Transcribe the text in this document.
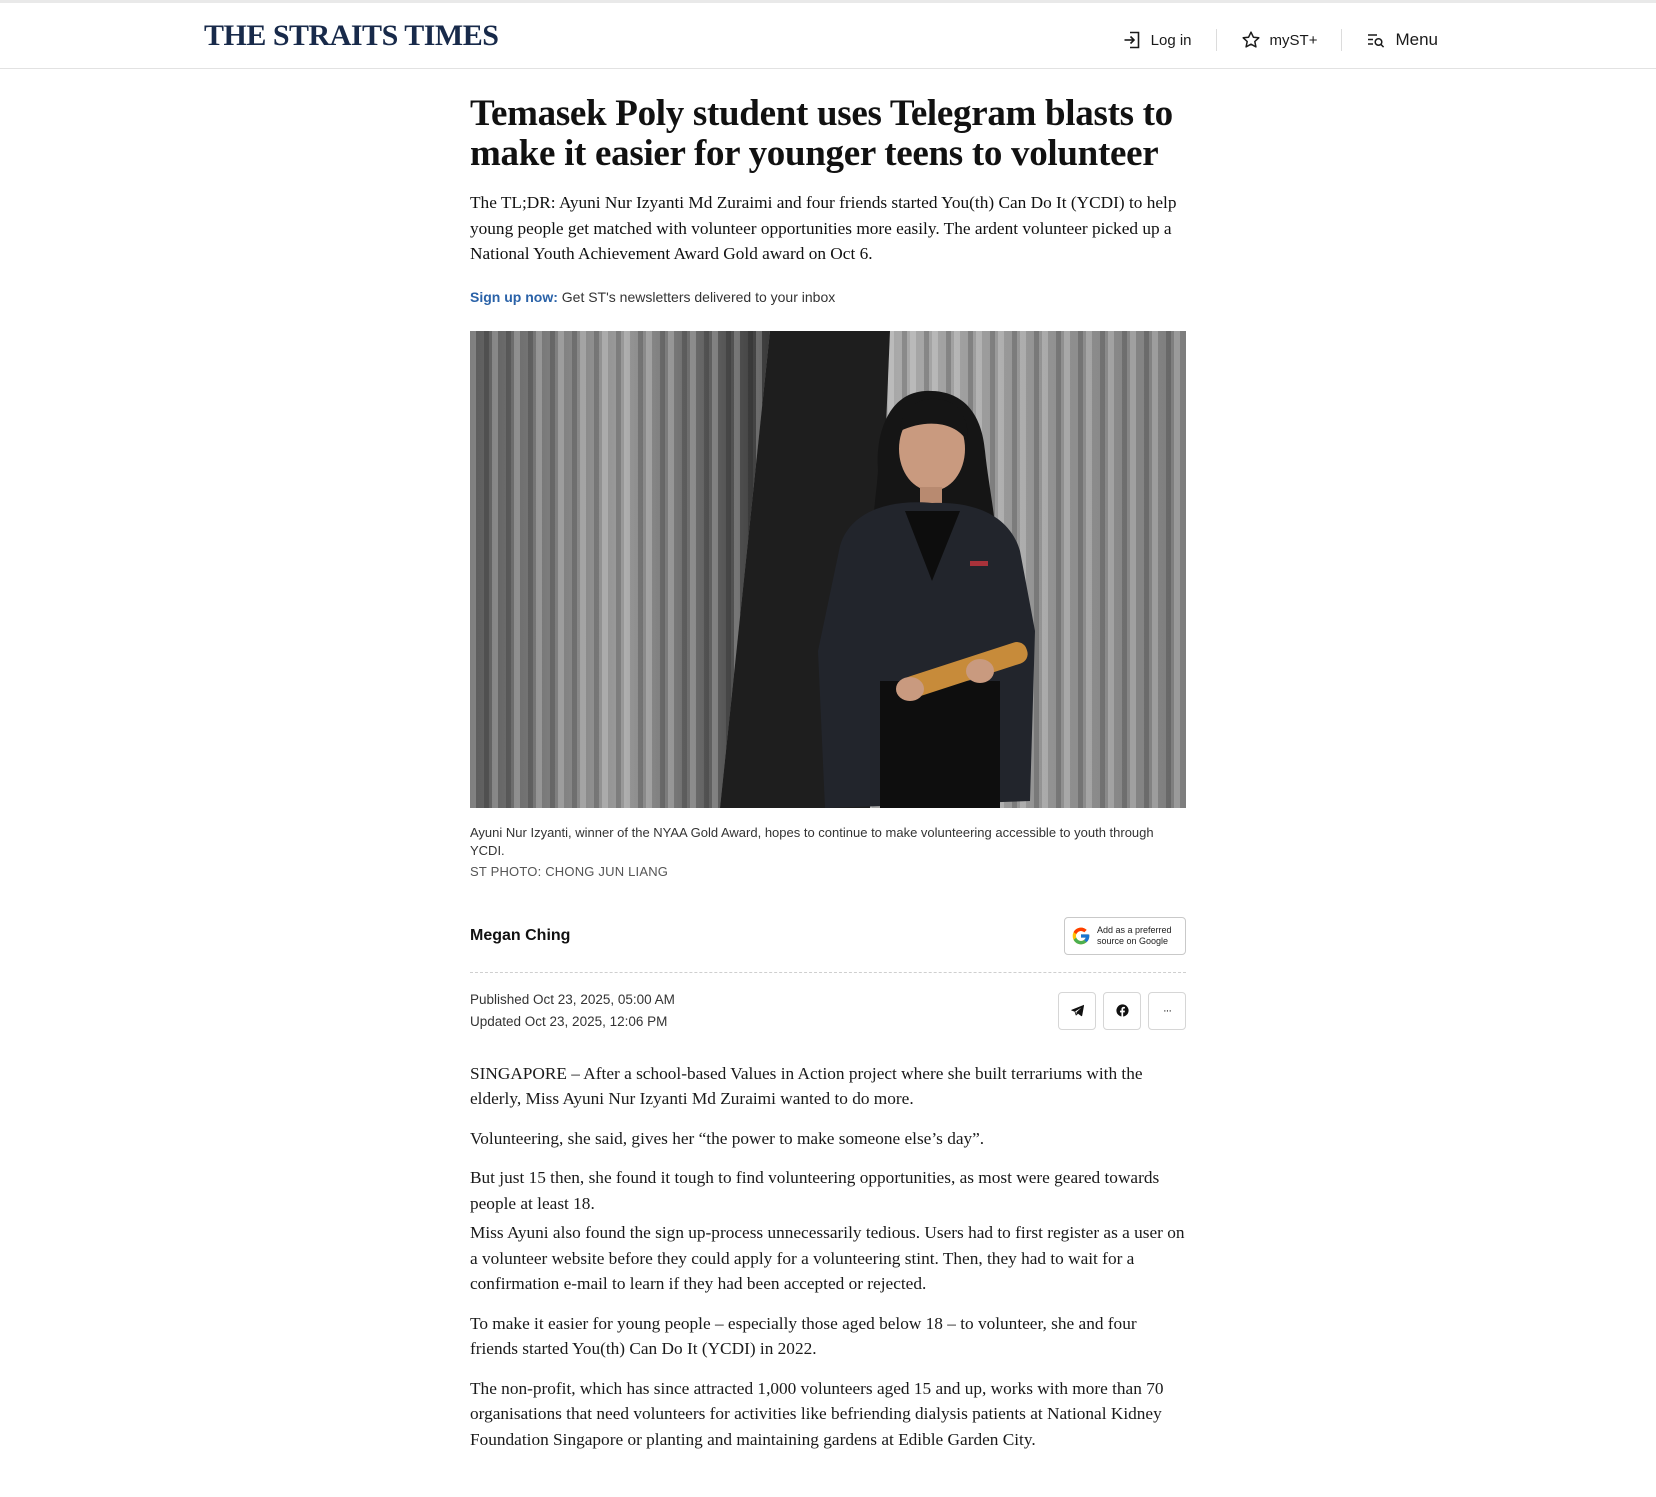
THE STRAITS TIMES	Log in	myST+	Menu
Temasek Poly student uses Telegram blasts to make it easier for younger teens to volunteer

The TL;DR: Ayuni Nur Izyanti Md Zuraimi and four friends started You(th) Can Do It (YCDI) to help young people get matched with volunteer opportunities more easily. The ardent volunteer picked up a National Youth Achievement Award Gold award on Oct 6.

Sign up now: Get ST's newsletters delivered to your inbox
Ayuni Nur Izyanti, winner of the NYAA Gold Award, hopes to continue to make volunteering accessible to youth through YCDI.
ST PHOTO: CHONG JUN LIANG
Megan Ching	Add as a preferred
source on Google
Published Oct 23, 2025, 05:00 AM
Updated Oct 23, 2025, 12:06 PM
···

SINGAPORE – After a school-based Values in Action project where she built terrariums with the elderly, Miss Ayuni Nur Izyanti Md Zuraimi wanted to do more.

Volunteering, she said, gives her “the power to make someone else’s day”.

But just 15 then, she found it tough to find volunteering opportunities, as most were geared towards people at least 18.

Miss Ayuni also found the sign up-process unnecessarily tedious. Users had to first register as a user on a volunteer website before they could apply for a volunteering stint. Then, they had to wait for a confirmation e-mail to learn if they had been accepted or rejected.

To make it easier for young people – especially those aged below 18 – to volunteer, she and four friends started You(th) Can Do It (YCDI) in 2022.

The non-profit, which has since attracted 1,000 volunteers aged 15 and up, works with more than 70 organisations that need volunteers for activities like befriending dialysis patients at National Kidney Foundation Singapore or planting and maintaining gardens at Edible Garden City.
